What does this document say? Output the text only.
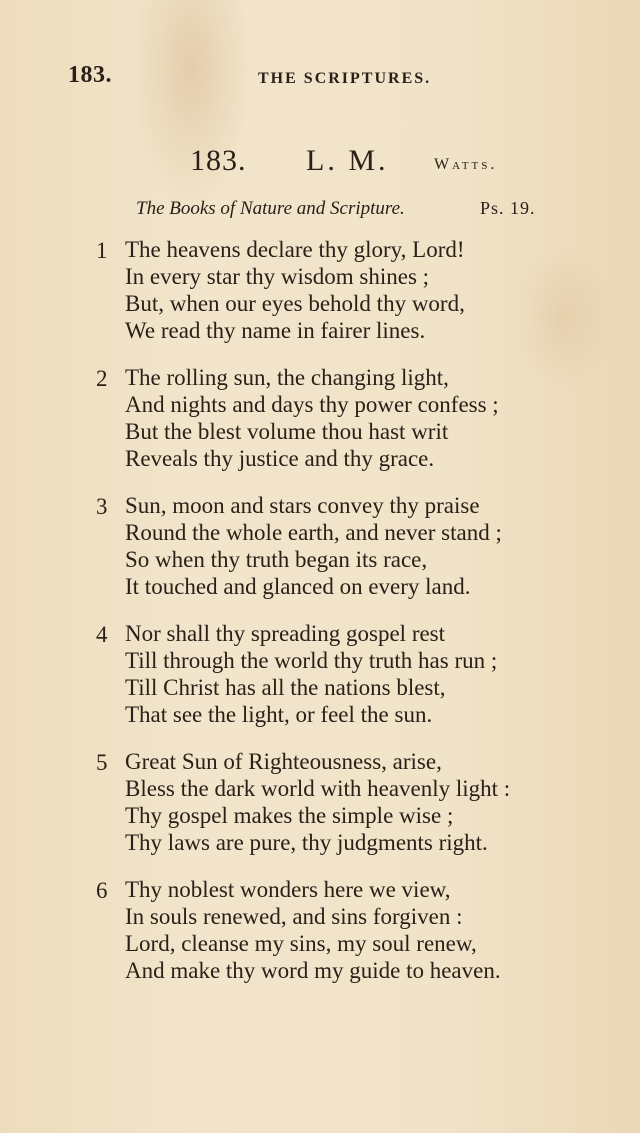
183.	THE SCRIPTURES.
183. L. M.	Watts.
The Books of Nature and Scripture.	Ps. 19.
1 The heavens declare thy glory, Lord!
In every star thy wisdom shines ;
But, when our eyes behold thy word,
We read thy name in fairer lines.
2 The rolling sun, the changing light,
And nights and days thy power confess ;
But the blest volume thou hast writ
Reveals thy justice and thy grace.
3 Sun, moon and stars convey thy praise
Round the whole earth, and never stand ;
So when thy truth began its race,
It touched and glanced on every land.
4 Nor shall thy spreading gospel rest
Till through the world thy truth has run ;
Till Christ has all the nations blest,
That see the light, or feel the sun.
5 Great Sun of Righteousness, arise,
Bless the dark world with heavenly light :
Thy gospel makes the simple wise ;
Thy laws are pure, thy judgments right.
6 Thy noblest wonders here we view,
In souls renewed, and sins forgiven :
Lord, cleanse my sins, my soul renew,
And make thy word my guide to heaven.
